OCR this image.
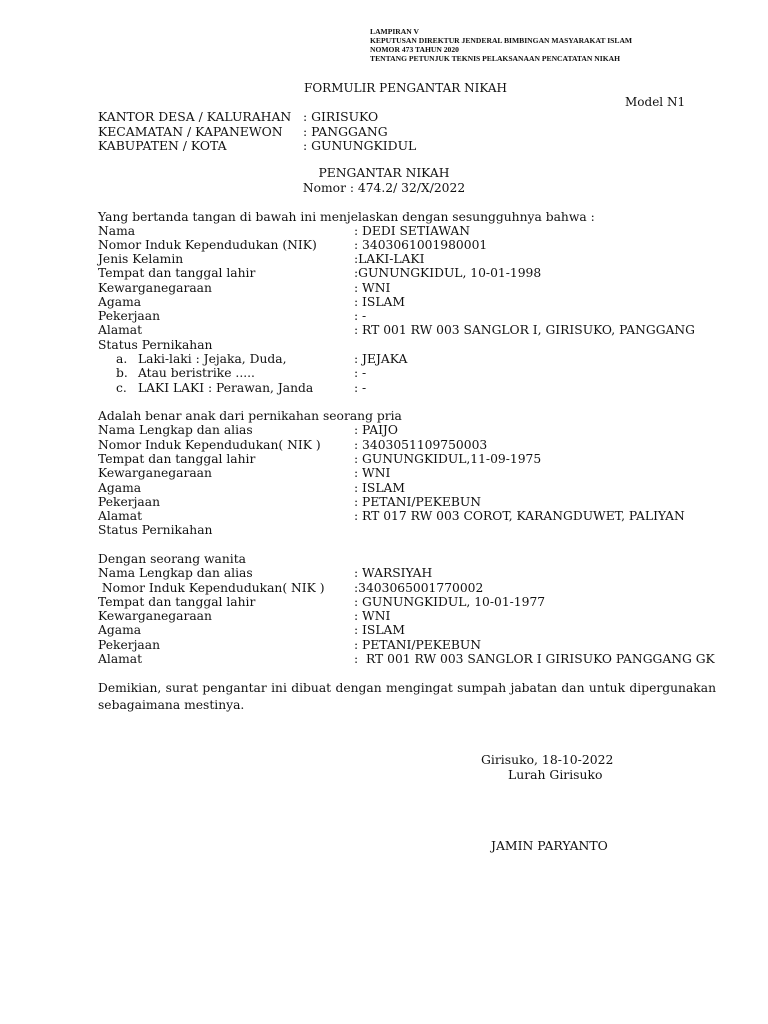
LAMPIRAN V
KEPUTUSAN DIREKTUR JENDERAL BIMBINGAN MASYARAKAT ISLAM
NOMOR 473 TAHUN 2020
TENTANG PETUNJUK TEKNIS PELAKSANAAN PENCATATAN NIKAH
FORMULIR PENGANTAR NIKAH
Model N1
KANTOR DESA / KALURAHAN : GIRISUKO
KECAMATAN / KAPANEWON : PANGGANG
KABUPATEN / KOTA	: GUNUNGKIDUL
PENGANTAR NIKAH
Nomor : 474.2/ 32/X/2022
Yang bertanda tangan di bawah ini menjelaskan dengan sesungguhnya bahwa :
Nama	: DEDI SETIAWAN
Nomor Induk Kependudukan (NIK)	: 3403061001980001
Jenis Kelamin	:LAKI-LAKI
Tempat dan tanggal lahir	:GUNUNGKIDUL, 10-01-1998
Kewarganegaraan	: WNI
Agama	: ISLAM
Pekerjaan	: -
Alamat	: RT 001 RW 003 SANGLOR I, GIRISUKO, PANGGANG
Status Pernikahan
a. Laki-laki : Jejaka, Duda,	: JEJAKA
b. Atau beristrike .....	: -
c. LAKI LAKI : Perawan, Janda	: -
Adalah benar anak dari pernikahan seorang pria
Nama Lengkap dan alias	: PAIJO
Nomor Induk Kependudukan( NIK )	: 3403051109750003
Tempat dan tanggal lahir	: GUNUNGKIDUL,11-09-1975
Kewarganegaraan	: WNI
Agama	: ISLAM
Pekerjaan	: PETANI/PEKEBUN
Alamat	: RT 017 RW 003 COROT, KARANGDUWET, PALIYAN
Status Pernikahan
Dengan seorang wanita
Nama Lengkap dan alias	: WARSIYAH
Nomor Induk Kependudukan( NIK ) :3403065001770002
Tempat dan tanggal lahir	: GUNUNGKIDUL, 10-01-1977
Kewarganegaraan	: WNI
Agama	: ISLAM
Pekerjaan	: PETANI/PEKEBUN
Alamat	:  RT 001 RW 003 SANGLOR I GIRISUKO PANGGANG GK
Demikian, surat pengantar ini dibuat dengan mengingat sumpah jabatan dan untuk dipergunakan sebagaimana mestinya.
Girisuko, 18-10-2022
Lurah Girisuko
JAMIN PARYANTO
